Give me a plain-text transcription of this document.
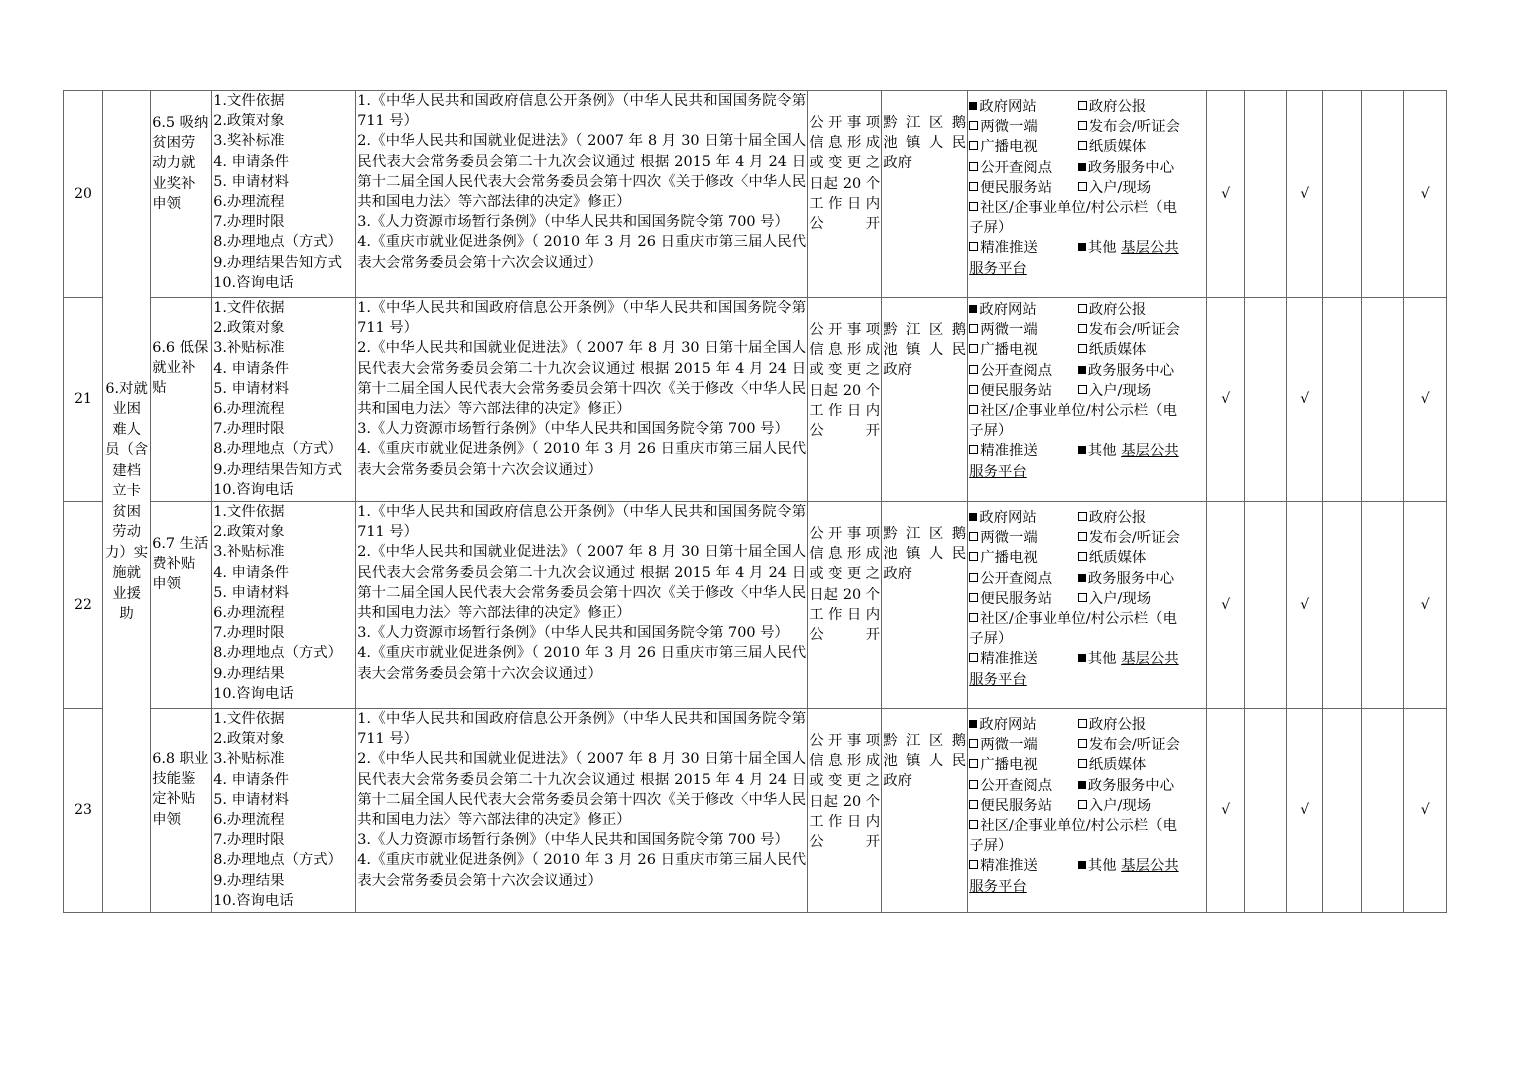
20	
6.对就
业困
难人
员（含
建档
立卡
贫困
劳动
力）实
施就
业援
助

6.5 吸纳
贫困劳
动力就
业奖补
申领

1.文件依据
2.政策对象
3.奖补标准
4. 申请条件
5. 申请材料
6.办理流程
7.办理时限
8.办理地点（方式）
9.办理结果告知方式
10.咨询电话

1.《中华人民共和国政府信息公开条例》（中华人民共和国国务院令第 711 号）
2.《中华人民共和国就业促进法》（ 2007 年 8 月 30 日第十届全国人民代表大会常务委员会第二十九次会议通过 根据 2015 年 4 月 24 日第十二届全国人民代表大会常务委员会第十四次《关于修改〈中华人民共和国电力法〉等六部法律的决定》修正）
3.《人力资源市场暂行条例》（中华人民共和国国务院令第 700 号）
4.《重庆市就业促进条例》（ 2010 年 3 月 26 日重庆市第三届人民代表大会常务委员会第十六次会议通过）

公开事项
信息形成
或变更之
日起 20 个
工作日内
公开

黔 江 区 鹅
池 镇 人 民
政府

政府网站	政府公报
两微一端	发布会/听证会
广播电视	纸质媒体
公开查阅点	政务服务中心
便民服务站	入户/现场
社区/企事业单位/村公示栏（电
子屏）
精准推送	其他 基层公共
服务平台
	√		√			√
21	
6.6 低保
就业补
贴

1.文件依据
2.政策对象
3.补贴标准
4. 申请条件
5. 申请材料
6.办理流程
7.办理时限
8.办理地点（方式）
9.办理结果告知方式
10.咨询电话

1.《中华人民共和国政府信息公开条例》（中华人民共和国国务院令第 711 号）
2.《中华人民共和国就业促进法》（ 2007 年 8 月 30 日第十届全国人民代表大会常务委员会第二十九次会议通过 根据 2015 年 4 月 24 日第十二届全国人民代表大会常务委员会第十四次《关于修改〈中华人民共和国电力法〉等六部法律的决定》修正）
3.《人力资源市场暂行条例》（中华人民共和国国务院令第 700 号）
4.《重庆市就业促进条例》（ 2010 年 3 月 26 日重庆市第三届人民代表大会常务委员会第十六次会议通过）

公开事项
信息形成
或变更之
日起 20 个
工作日内
公开

黔 江 区 鹅
池 镇 人 民
政府

政府网站	政府公报
两微一端	发布会/听证会
广播电视	纸质媒体
公开查阅点	政务服务中心
便民服务站	入户/现场
社区/企事业单位/村公示栏（电
子屏）
精准推送	其他 基层公共
服务平台
	√		√			√
22	
6.7 生活
费补贴
申领

1.文件依据
2.政策对象
3.补贴标准
4. 申请条件
5. 申请材料
6.办理流程
7.办理时限
8.办理地点（方式）
9.办理结果
10.咨询电话

1.《中华人民共和国政府信息公开条例》（中华人民共和国国务院令第 711 号）
2.《中华人民共和国就业促进法》（ 2007 年 8 月 30 日第十届全国人民代表大会常务委员会第二十九次会议通过 根据 2015 年 4 月 24 日第十二届全国人民代表大会常务委员会第十四次《关于修改〈中华人民共和国电力法〉等六部法律的决定》修正）
3.《人力资源市场暂行条例》（中华人民共和国国务院令第 700 号）
4.《重庆市就业促进条例》（ 2010 年 3 月 26 日重庆市第三届人民代表大会常务委员会第十六次会议通过）

公开事项
信息形成
或变更之
日起 20 个
工作日内
公开

黔 江 区 鹅
池 镇 人 民
政府

政府网站	政府公报
两微一端	发布会/听证会
广播电视	纸质媒体
公开查阅点	政务服务中心
便民服务站	入户/现场
社区/企事业单位/村公示栏（电
子屏）
精准推送	其他 基层公共
服务平台
	√		√			√
23	
6.8 职业
技能鉴
定补贴
申领

1.文件依据
2.政策对象
3.补贴标准
4. 申请条件
5. 申请材料
6.办理流程
7.办理时限
8.办理地点（方式）
9.办理结果
10.咨询电话

1.《中华人民共和国政府信息公开条例》（中华人民共和国国务院令第 711 号）
2.《中华人民共和国就业促进法》（ 2007 年 8 月 30 日第十届全国人民代表大会常务委员会第二十九次会议通过 根据 2015 年 4 月 24 日第十二届全国人民代表大会常务委员会第十四次《关于修改〈中华人民共和国电力法〉等六部法律的决定》修正）
3.《人力资源市场暂行条例》（中华人民共和国国务院令第 700 号）
4.《重庆市就业促进条例》（ 2010 年 3 月 26 日重庆市第三届人民代表大会常务委员会第十六次会议通过）

公开事项
信息形成
或变更之
日起 20 个
工作日内
公开

黔 江 区 鹅
池 镇 人 民
政府

政府网站	政府公报
两微一端	发布会/听证会
广播电视	纸质媒体
公开查阅点	政务服务中心
便民服务站	入户/现场
社区/企事业单位/村公示栏（电
子屏）
精准推送	其他 基层公共
服务平台
	√		√			√
